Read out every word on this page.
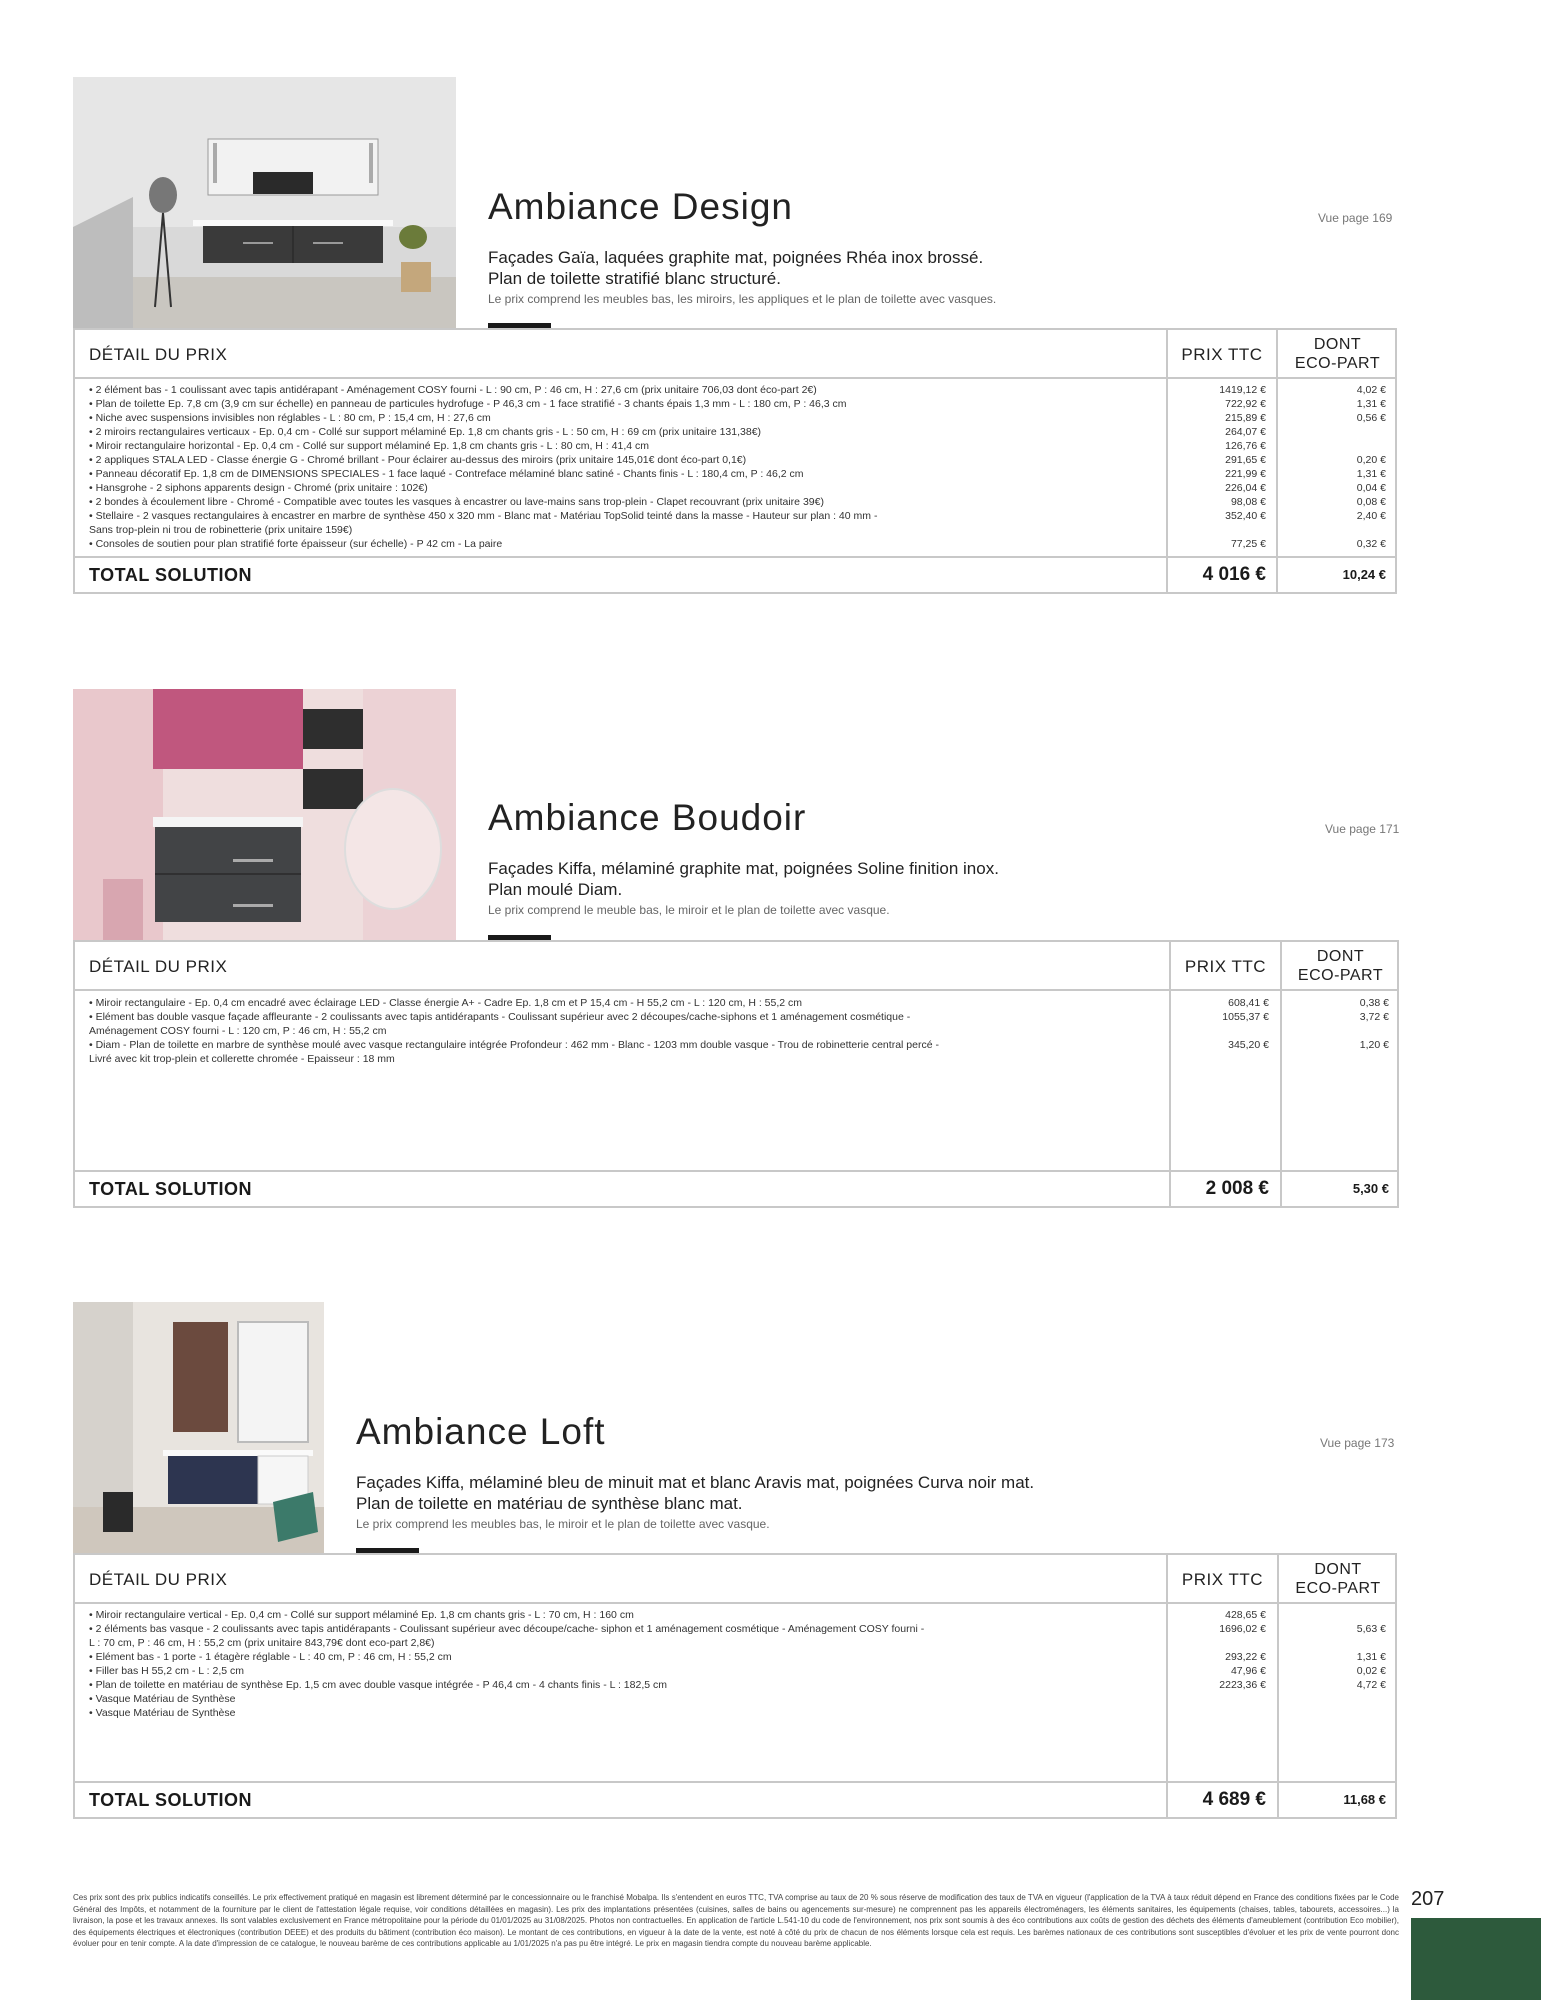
Ambiance Design	Vue page 169
Façades Gaïa, laquées graphite mat, poignées Rhéa inox brossé.
Plan de toilette stratifié blanc structuré.
Le prix comprend les meubles bas, les miroirs, les appliques et le plan de toilette avec vasques.
DÉTAIL DU PRIX	PRIX TTC
DONT
ECO-PART
• 2 élément bas - 1 coulissant avec tapis antidérapant - Aménagement COSY fourni - L : 90 cm, P : 46 cm, H : 27,6 cm (prix unitaire 706,03 dont éco-part 2€)	1419,12 €	4,02 €
• Plan de toilette Ep. 7,8 cm (3,9 cm sur échelle) en panneau de particules hydrofuge - P 46,3 cm - 1 face stratifié - 3 chants épais 1,3 mm - L : 180 cm, P : 46,3 cm	722,92 €	1,31 €
• Niche avec suspensions invisibles non réglables - L : 80 cm, P : 15,4 cm, H : 27,6 cm	215,89 €	0,56 €
• 2 miroirs rectangulaires verticaux - Ep. 0,4 cm - Collé sur support mélaminé Ep. 1,8 cm chants gris - L : 50 cm, H : 69 cm (prix unitaire 131,38€)	264,07 €
• Miroir rectangulaire horizontal - Ep. 0,4 cm - Collé sur support mélaminé Ep. 1,8 cm chants gris - L : 80 cm, H : 41,4 cm	126,76 €
• 2 appliques STALA LED - Classe énergie G - Chromé brillant - Pour éclairer au-dessus des miroirs (prix unitaire 145,01€ dont éco-part 0,1€)	291,65 €	0,20 €
• Panneau décoratif Ep. 1,8 cm de DIMENSIONS SPECIALES - 1 face laqué - Contreface mélaminé blanc satiné - Chants finis - L : 180,4 cm, P : 46,2 cm	221,99 €	1,31 €
• Hansgrohe - 2 siphons apparents design - Chromé (prix unitaire : 102€)	226,04 €	0,04 €
• 2 bondes à écoulement libre - Chromé - Compatible avec toutes les vasques à encastrer ou lave-mains sans trop-plein - Clapet recouvrant (prix unitaire 39€)	98,08 €	0,08 €
• Stellaire - 2 vasques rectangulaires à encastrer en marbre de synthèse 450 x 320 mm - Blanc mat - Matériau TopSolid teinté dans la masse - Hauteur sur plan : 40 mm -	352,40 €	2,40 €
Sans trop-plein ni trou de robinetterie (prix unitaire 159€)
• Consoles de soutien pour plan stratifié forte épaisseur (sur échelle) - P 42 cm - La paire	77,25 €	0,32 €
TOTAL SOLUTION	4 016 €	10,24 €
Ambiance Boudoir	Vue page 171
Façades Kiffa, mélaminé graphite mat, poignées Soline finition inox.
Plan moulé Diam.
Le prix comprend le meuble bas, le miroir et le plan de toilette avec vasque.
DÉTAIL DU PRIX	PRIX TTC
DONT
ECO-PART
• Miroir rectangulaire - Ep. 0,4 cm encadré avec éclairage LED - Classe énergie A+ - Cadre Ep. 1,8 cm et P 15,4 cm - H 55,2 cm - L : 120 cm, H : 55,2 cm	608,41 €	0,38 €
• Elément bas double vasque façade affleurante - 2 coulissants avec tapis antidérapants - Coulissant supérieur avec 2 découpes/cache-siphons et 1 aménagement cosmétique -	1055,37 €	3,72 €
Aménagement COSY fourni - L : 120 cm, P : 46 cm, H : 55,2 cm
• Diam - Plan de toilette en marbre de synthèse moulé avec vasque rectangulaire intégrée Profondeur : 462 mm - Blanc - 1203 mm double vasque - Trou de robinetterie central percé -	345,20 €	1,20 €
Livré avec kit trop-plein et collerette chromée - Epaisseur : 18 mm
TOTAL SOLUTION	2 008 €	5,30 €
Ambiance Loft	Vue page 173
Façades Kiffa, mélaminé bleu de minuit mat et blanc Aravis mat, poignées Curva noir mat.
Plan de toilette en matériau de synthèse blanc mat.
Le prix comprend les meubles bas, le miroir et le plan de toilette avec vasque.
DÉTAIL DU PRIX	PRIX TTC
DONT
ECO-PART
• Miroir rectangulaire vertical - Ep. 0,4 cm - Collé sur support mélaminé Ep. 1,8 cm chants gris - L : 70 cm, H : 160 cm	428,65 €
• 2 éléments bas vasque - 2 coulissants avec tapis antidérapants - Coulissant supérieur avec découpe/cache- siphon et 1 aménagement cosmétique - Aménagement COSY fourni -	1696,02 €	5,63 €
L : 70 cm, P : 46 cm, H : 55,2 cm (prix unitaire 843,79€ dont eco-part 2,8€)
• Elément bas - 1 porte - 1 étagère réglable - L : 40 cm, P : 46 cm, H : 55,2 cm	293,22 €	1,31 €
• Filler bas H 55,2 cm - L : 2,5 cm	47,96 €	0,02 €
• Plan de toilette en matériau de synthèse Ep. 1,5 cm avec double vasque intégrée - P 46,4 cm - 4 chants finis - L : 182,5 cm	2223,36 €	4,72 €
• Vasque Matériau de Synthèse
• Vasque Matériau de Synthèse
TOTAL SOLUTION	4 689 €	11,68 €
Ces prix sont des prix publics indicatifs conseillés. Le prix effectivement pratiqué en magasin est librement déterminé par le concessionnaire ou le franchisé Mobalpa. Ils s'entendent en euros TTC, TVA comprise au taux de 20 % sous réserve de modification des taux de TVA en vigueur (l'application de la TVA à taux réduit dépend en France des conditions fixées par le Code Général des Impôts, et notamment de la fourniture par le client de l'attestation légale requise, voir conditions détaillées en magasin). Les prix des implantations présentées (cuisines, salles de bains ou agencements sur-mesure) ne comprennent pas les appareils électroménagers, les éléments sanitaires, les équipements (chaises, tables, tabourets, accessoires...) la livraison, la pose et les travaux annexes. Ils sont valables exclusivement en France métropolitaine pour la période du 01/01/2025 au 31/08/2025. Photos non contractuelles. En application de l'article L.541-10 du code de l'environnement, nos prix sont soumis à des éco contributions aux coûts de gestion des déchets des éléments d'ameublement (contribution Eco mobilier), des équipements électriques et électroniques (contribution DEEE) et des produits du bâtiment (contribution éco maison). Le montant de ces contributions, en vigueur à la date de la vente, est noté à côté du prix de chacun de nos éléments lorsque cela est requis. Les barèmes nationaux de ces contributions sont susceptibles d'évoluer et les prix de vente pourront donc évoluer pour en tenir compte. A la date d'impression de ce catalogue, le nouveau barème de ces contributions applicable au 1/01/2025 n'a pas pu être intégré. Le prix en magasin tiendra compte du nouveau barème applicable.
207
